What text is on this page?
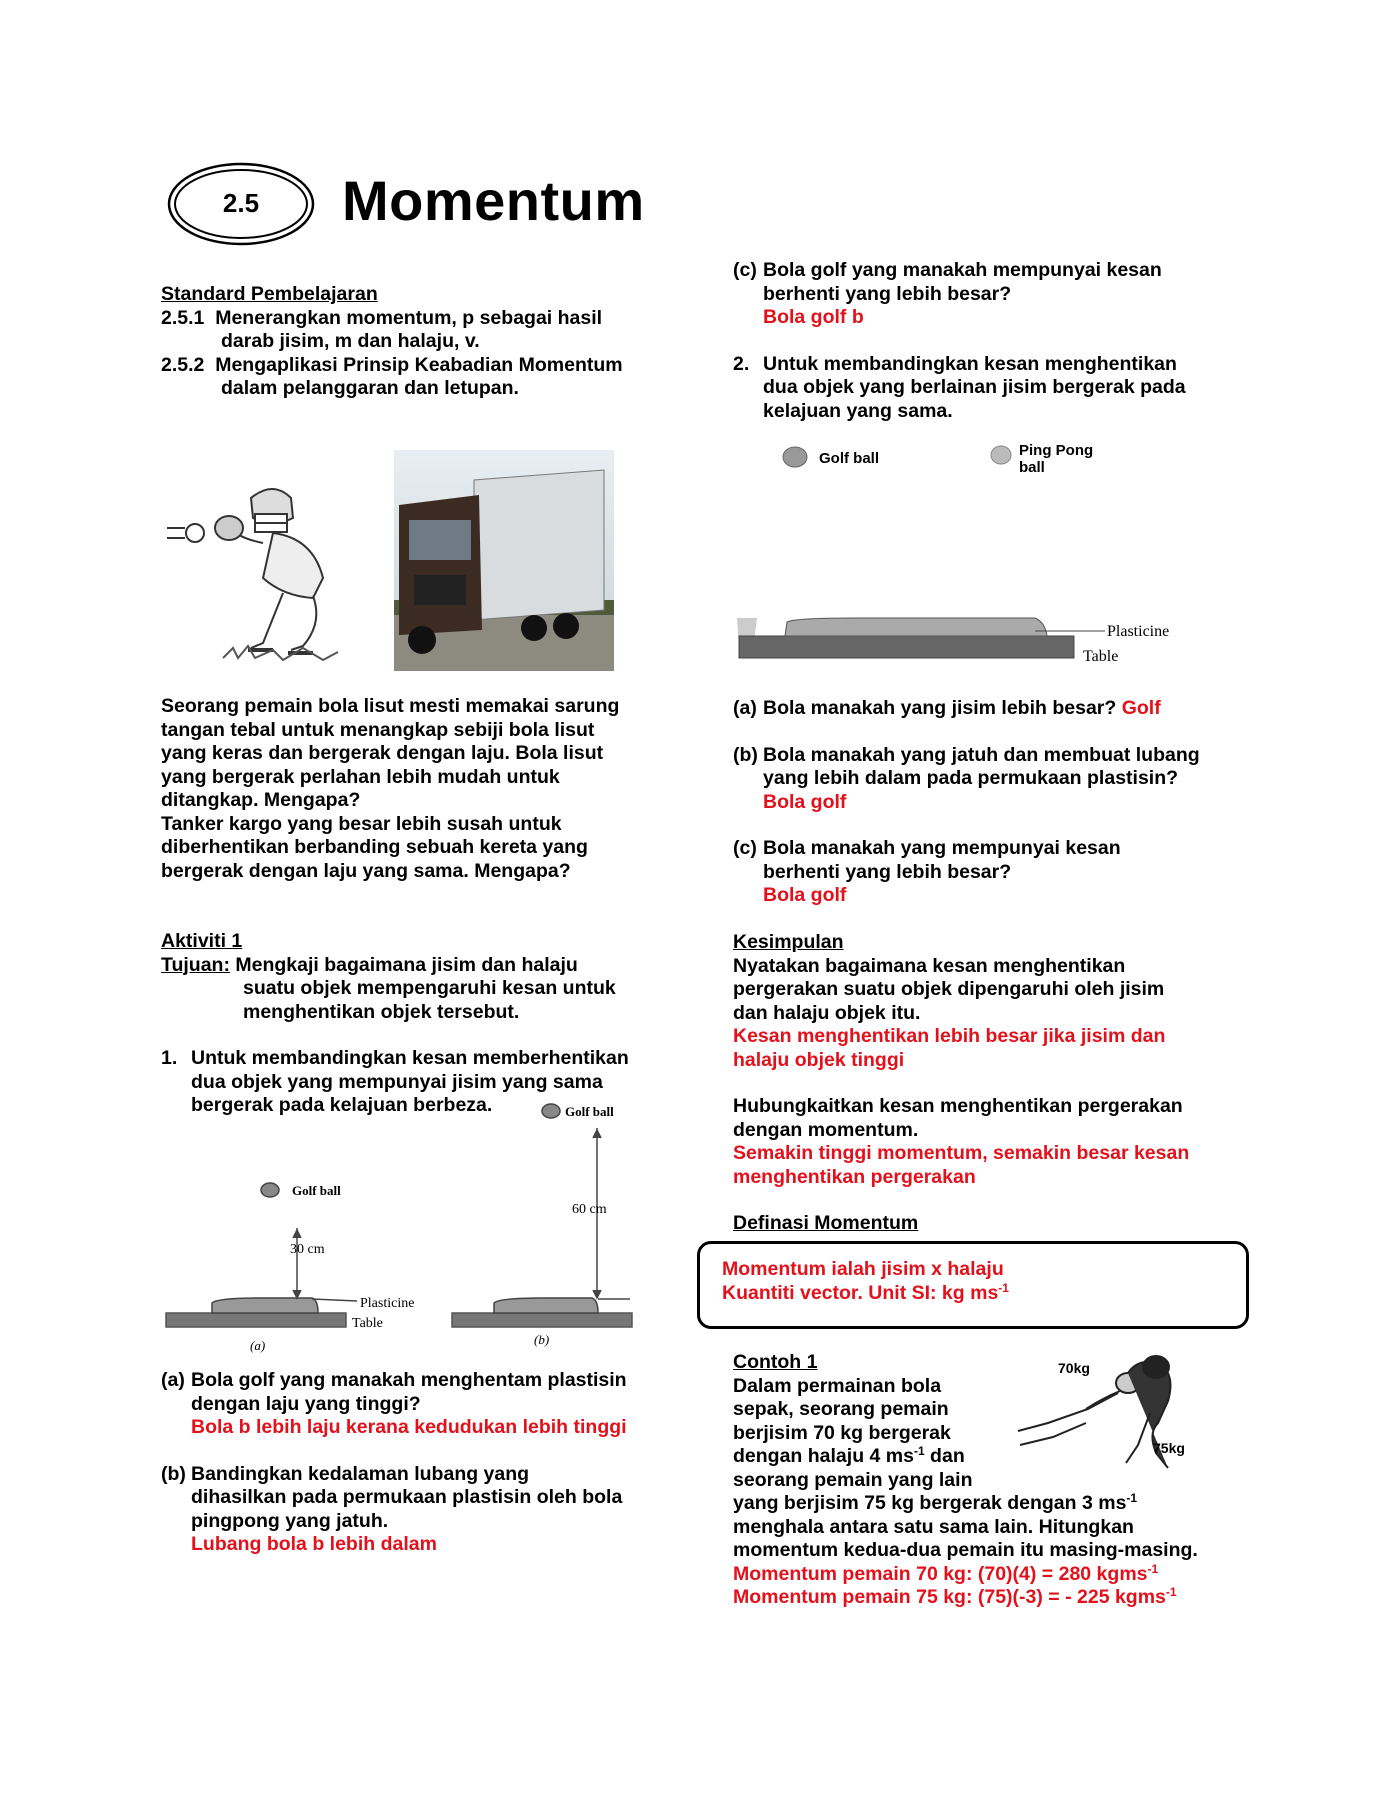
2.5	Momentum
Standard Pembelajaran
2.5.1 Menerangkan momentum, p sebagai hasil
darab jisim, m dan halaju, v.
2.5.2 Mengaplikasi Prinsip Keabadian Momentum
dalam pelanggaran dan letupan.
Seorang pemain bola lisut mesti memakai sarung
tangan tebal untuk menangkap sebiji bola lisut
yang keras dan bergerak dengan laju. Bola lisut
yang bergerak perlahan lebih mudah untuk
ditangkap. Mengapa?
Tanker kargo yang besar lebih susah untuk
diberhentikan berbanding sebuah kereta yang
bergerak dengan laju yang sama. Mengapa?
Aktiviti 1
Tujuan: Mengkaji bagaimana jisim dan halaju
suatu objek mempengaruhi kesan untuk
menghentikan objek tersebut.
1. Untuk membandingkan kesan memberhentikan
dua objek yang mempunyai jisim yang sama
bergerak pada kelajuan berbeza.
Golf ball
30 cm
Plasticine
Table
(a)
Golf ball
60 cm
(b)
(a) Bola golf yang manakah menghentam plastisin
dengan laju yang tinggi?
Bola b lebih laju kerana kedudukan lebih tinggi
(b) Bandingkan kedalaman lubang yang
dihasilkan pada permukaan plastisin oleh bola
pingpong yang jatuh.
Lubang bola b lebih dalam
(c) Bola golf yang manakah mempunyai kesan
berhenti yang lebih besar?
Bola golf b
2. Untuk membandingkan kesan menghentikan
dua objek yang berlainan jisim bergerak pada
kelajuan yang sama.
Golf ball	Ping Pong
ball
Plasticine
Table
(a) Bola manakah yang jisim lebih besar? Golf
(b) Bola manakah yang jatuh dan membuat lubang
yang lebih dalam pada permukaan plastisin?
Bola golf
(c) Bola manakah yang mempunyai kesan
berhenti yang lebih besar?
Bola golf
Kesimpulan
Nyatakan bagaimana kesan menghentikan
pergerakan suatu objek dipengaruhi oleh jisim
dan halaju objek itu.
Kesan menghentikan lebih besar jika jisim dan
halaju objek tinggi
Hubungkaitkan kesan menghentikan pergerakan
dengan momentum.
Semakin tinggi momentum, semakin besar kesan
menghentikan pergerakan
Definasi Momentum
Momentum ialah jisim x halaju
Kuantiti vector. Unit SI: kg $ms^{-1}$
Contoh 1
Dalam permainan bola
sepak, seorang pemain
berjisim 70 kg bergerak
dengan halaju 4 $ms^{-1}$ dan
seorang pemain yang lain
yang berjisim 75 kg bergerak dengan 3 $ms^{-1}$
menghala antara satu sama lain. Hitungkan
momentum kedua-dua pemain itu masing-masing.
Momentum pemain 70 kg: (70)(4) = 280 kgms$^{-1}$
Momentum pemain 75 kg: (75)(-3) = - 225 kgms$^{-1}$
70kg
75kg
